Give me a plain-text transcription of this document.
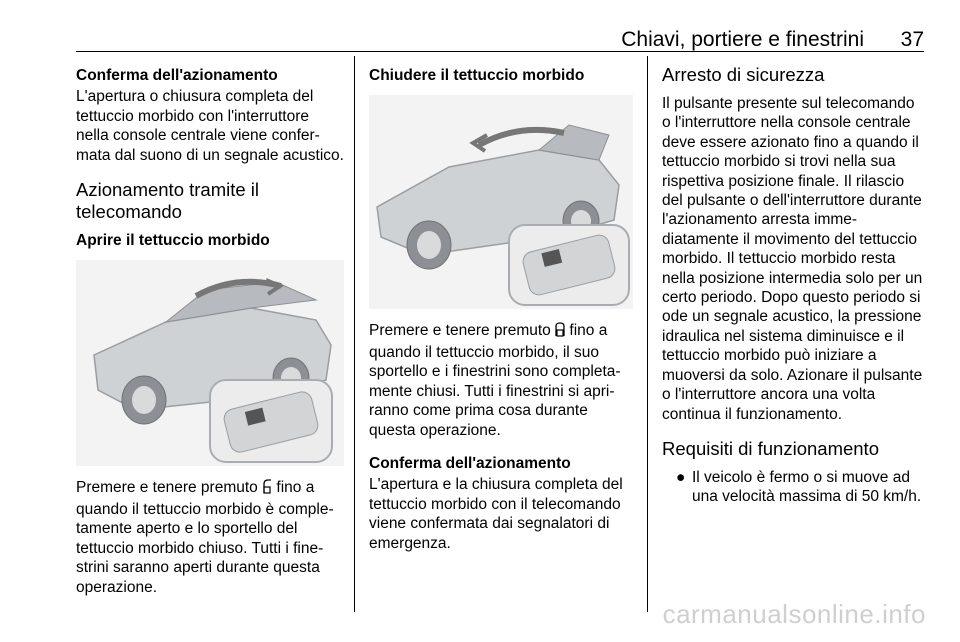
Chiavi, portiere e finestrini 37
Conferma dell'azionamento

L'apertura o chiusura completa del tettuccio morbido con l'interruttore nella console centrale viene confer-mata dal suono di un segnale acustico.

Azionamento tramite il telecomando
Aprire il tettuccio morbido

Premere e tenere premuto  fino a quando il tettuccio morbido è comple-tamente aperto e lo sportello del tettuccio morbido chiuso. Tutti i fine-strini saranno aperti durante questa operazione.

Chiudere il tettuccio morbido

Premere e tenere premuto  fino a quando il tettuccio morbido, il suo sportello e i finestrini sono completa-mente chiusi. Tutti i finestrini si apri-ranno come prima cosa durante questa operazione.

Conferma dell'azionamento

L'apertura e la chiusura completa del tettuccio morbido con il telecomando viene confermata dai segnalatori di emergenza.

Arresto di sicurezza

Il pulsante presente sul telecomando o l'interruttore nella console centrale deve essere azionato fino a quando il tettuccio morbido si trovi nella sua rispettiva posizione finale. Il rilascio del pulsante o dell'interruttore durante l'azionamento arresta imme-diatamente il movimento del tettuccio morbido. Il tettuccio morbido resta nella posizione intermedia solo per un certo periodo. Dopo questo periodo si ode un segnale acustico, la pressione idraulica nel sistema diminuisce e il tettuccio morbido può iniziare a muoversi da solo. Azionare il pulsante o l'interruttore ancora una volta continua il funzionamento.

Requisiti di funzionamento
● Il veicolo è fermo o si muove ad una velocità massima di 50 km/h.
carmanualsonline.info
